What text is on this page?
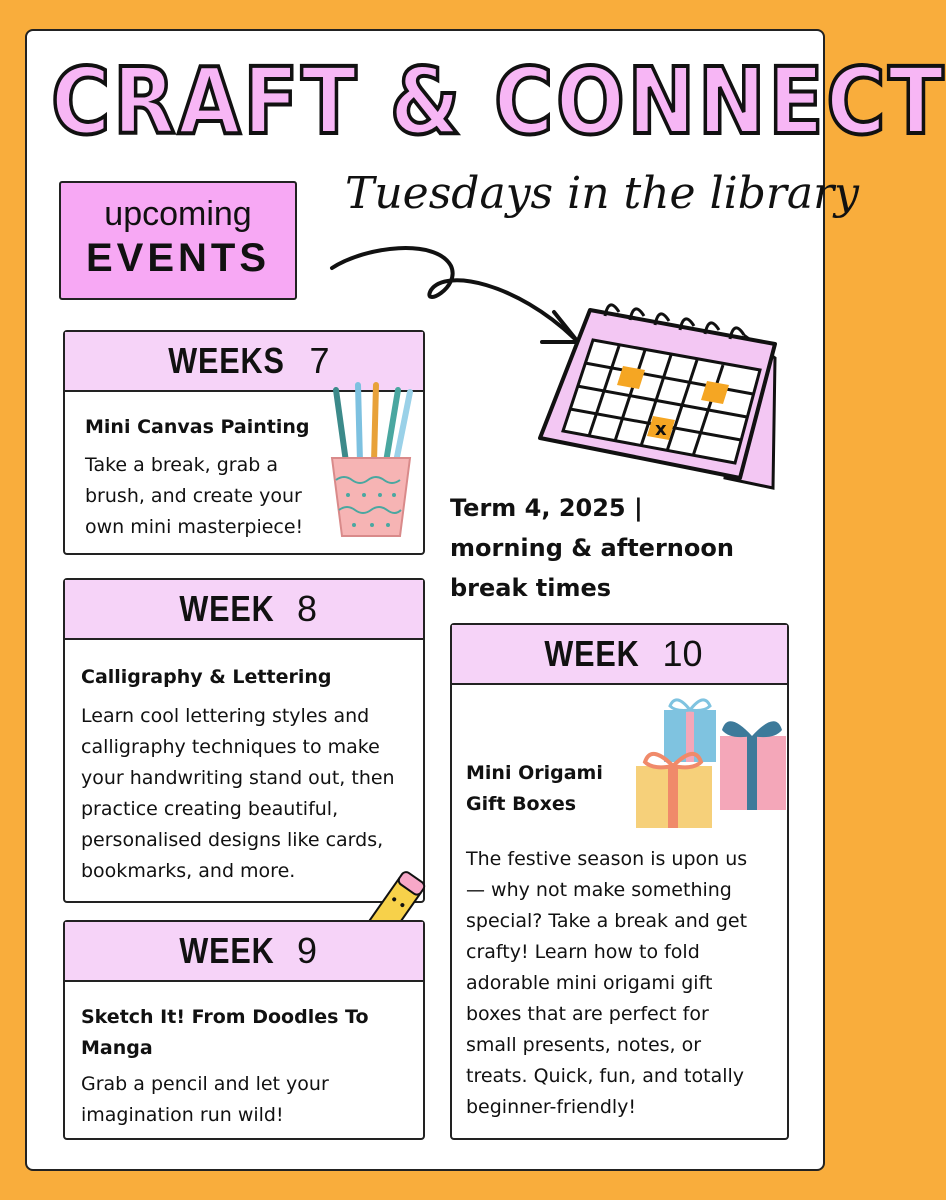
CRAFT & CONNECT
Tuesdays in the library
upcoming
EVENTS
x
Term 4, 2025 |
morning & afternoon
break times
WEEKS 7
Mini Canvas Painting
Take a break, grab a
brush, and create your
own mini masterpiece!
WEEK 8
Calligraphy & Lettering
Learn cool lettering styles and
calligraphy techniques to make
your handwriting stand out, then
practice creating beautiful,
personalised designs like cards,
bookmarks, and more.
WEEK 9
Sketch It! From Doodles To
Manga
Grab a pencil and let your
imagination run wild!
WEEK 10
Mini Origami
Gift Boxes
The festive season is upon us
— why not make something
special? Take a break and get
crafty! Learn how to fold
adorable mini origami gift
boxes that are perfect for
small presents, notes, or
treats. Quick, fun, and totally
beginner-friendly!
